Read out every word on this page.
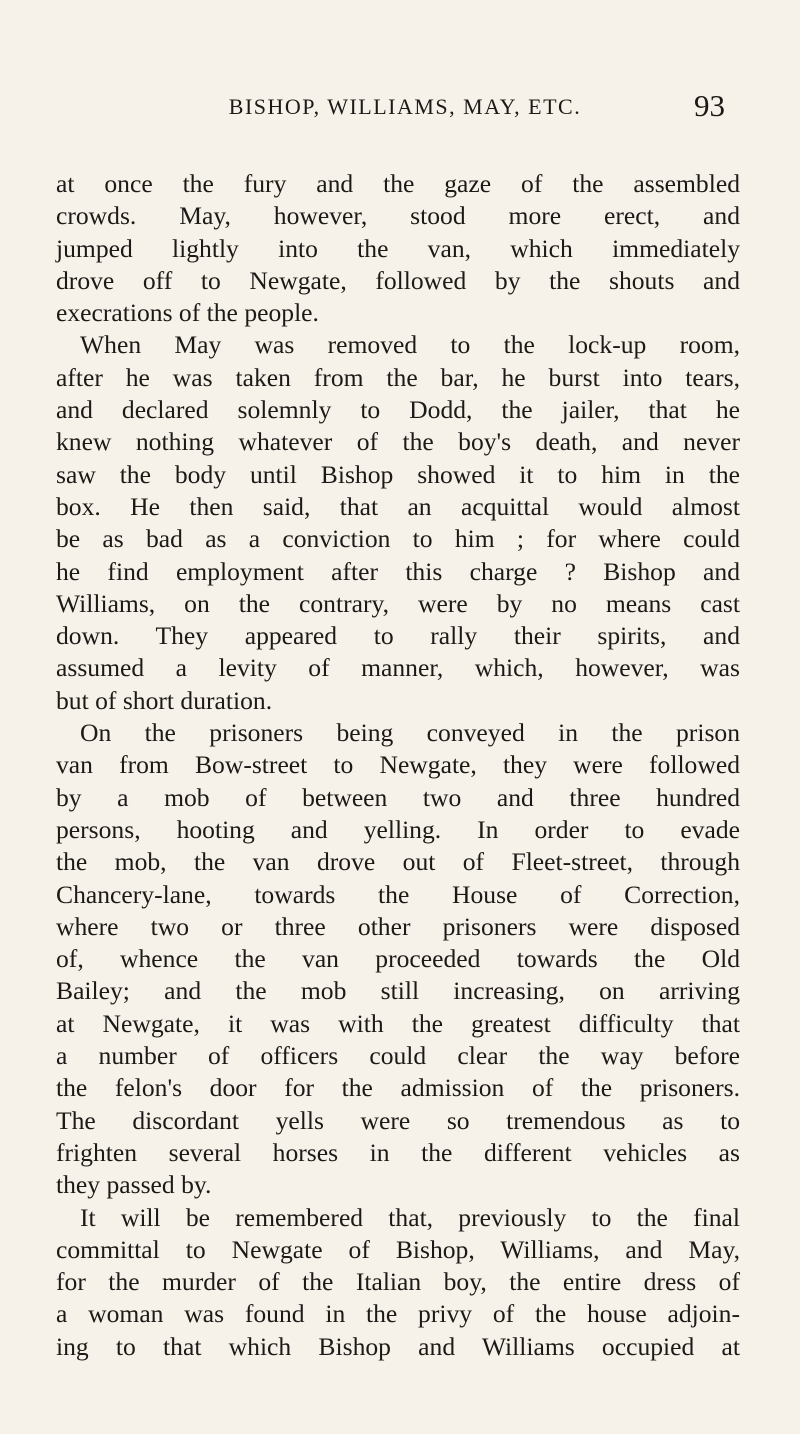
BISHOP, WILLIAMS, MAY, ETC.	93
at once the fury and the gaze of the assembled
crowds. May, however, stood more erect, and
jumped lightly into the van, which immediately
drove off to Newgate, followed by the shouts and
execrations of the people.
When May was removed to the lock-up room,
after he was taken from the bar, he burst into tears,
and declared solemnly to Dodd, the jailer, that he
knew nothing whatever of the boy's death, and never
saw the body until Bishop showed it to him in the
box. He then said, that an acquittal would almost
be as bad as a conviction to him ; for where could
he find employment after this charge ? Bishop and
Williams, on the contrary, were by no means cast
down. They appeared to rally their spirits, and
assumed a levity of manner, which, however, was
but of short duration.
On the prisoners being conveyed in the prison
van from Bow-street to Newgate, they were followed
by a mob of between two and three hundred
persons, hooting and yelling. In order to evade
the mob, the van drove out of Fleet-street, through
Chancery-lane, towards the House of Correction,
where two or three other prisoners were disposed
of, whence the van proceeded towards the Old
Bailey; and the mob still increasing, on arriving
at Newgate, it was with the greatest difficulty that
a number of officers could clear the way before
the felon's door for the admission of the prisoners.
The discordant yells were so tremendous as to
frighten several horses in the different vehicles as
they passed by.
It will be remembered that, previously to the final
committal to Newgate of Bishop, Williams, and May,
for the murder of the Italian boy, the entire dress of
a woman was found in the privy of the house adjoin-
ing to that which Bishop and Williams occupied at
